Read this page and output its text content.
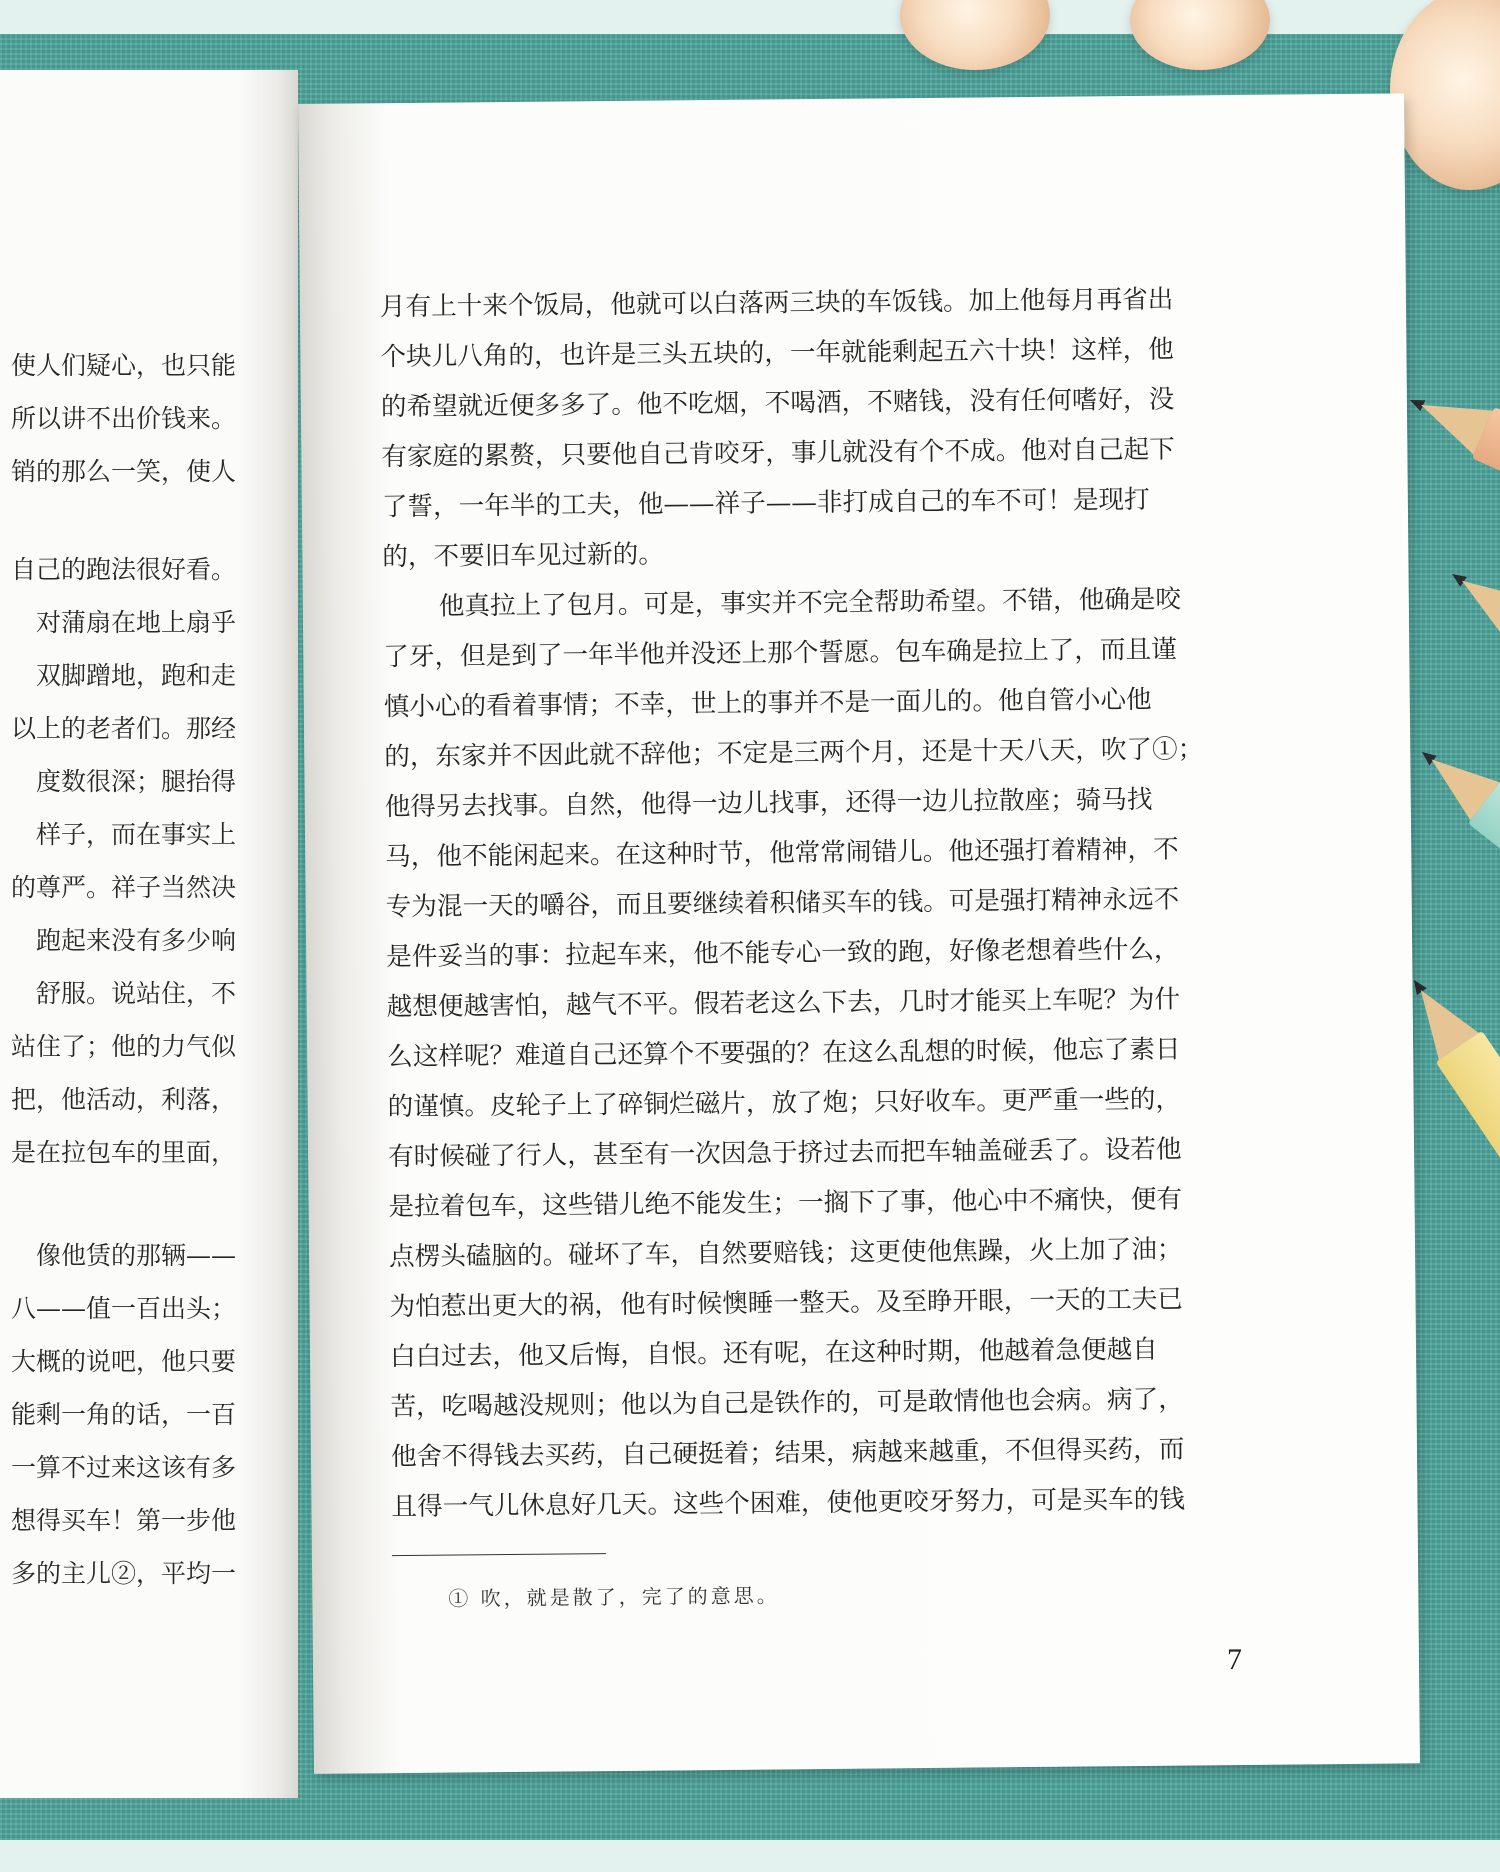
使人们疑心，也只能
所以讲不出价钱来。
销的那么一笑，使人
自己的跑法很好看。
对蒲扇在地上扇乎
双脚蹭地，跑和走
以上的老者们。那经
度数很深；腿抬得
样子，而在事实上
的尊严。祥子当然决
跑起来没有多少响
舒服。说站住，不
站住了；他的力气似
把，他活动，利落，
是在拉包车的里面，
像他赁的那辆——
八——值一百出头；
大概的说吧，他只要
能剩一角的话，一百
一算不过来这该有多
想得买车！第一步他
多的主儿②，平均一
月有上十来个饭局，他就可以白落两三块的车饭钱。加上他每月再省出
个块儿八角的，也许是三头五块的，一年就能剩起五六十块！这样，他
的希望就近便多多了。他不吃烟，不喝酒，不赌钱，没有任何嗜好，没
有家庭的累赘，只要他自己肯咬牙，事儿就没有个不成。他对自己起下
了誓，一年半的工夫，他——祥子——非打成自己的车不可！是现打
的，不要旧车见过新的。
他真拉上了包月。可是，事实并不完全帮助希望。不错，他确是咬
了牙，但是到了一年半他并没还上那个誓愿。包车确是拉上了，而且谨
慎小心的看着事情；不幸，世上的事并不是一面儿的。他自管小心他
的，东家并不因此就不辞他；不定是三两个月，还是十天八天，吹了①；
他得另去找事。自然，他得一边儿找事，还得一边儿拉散座；骑马找
马，他不能闲起来。在这种时节，他常常闹错儿。他还强打着精神，不
专为混一天的嚼谷，而且要继续着积储买车的钱。可是强打精神永远不
是件妥当的事：拉起车来，他不能专心一致的跑，好像老想着些什么，
越想便越害怕，越气不平。假若老这么下去，几时才能买上车呢？为什
么这样呢？难道自己还算个不要强的？在这么乱想的时候，他忘了素日
的谨慎。皮轮子上了碎铜烂磁片，放了炮；只好收车。更严重一些的，
有时候碰了行人，甚至有一次因急于挤过去而把车轴盖碰丢了。设若他
是拉着包车，这些错儿绝不能发生；一搁下了事，他心中不痛快，便有
点楞头磕脑的。碰坏了车，自然要赔钱；这更使他焦躁，火上加了油；
为怕惹出更大的祸，他有时候懊睡一整天。及至睁开眼，一天的工夫已
白白过去，他又后悔，自恨。还有呢，在这种时期，他越着急便越自
苦，吃喝越没规则；他以为自己是铁作的，可是敢情他也会病。病了，
他舍不得钱去买药，自己硬挺着；结果，病越来越重，不但得买药，而
且得一气儿休息好几天。这些个困难，使他更咬牙努力，可是买车的钱
① 吹，就是散了，完了的意思。
7
